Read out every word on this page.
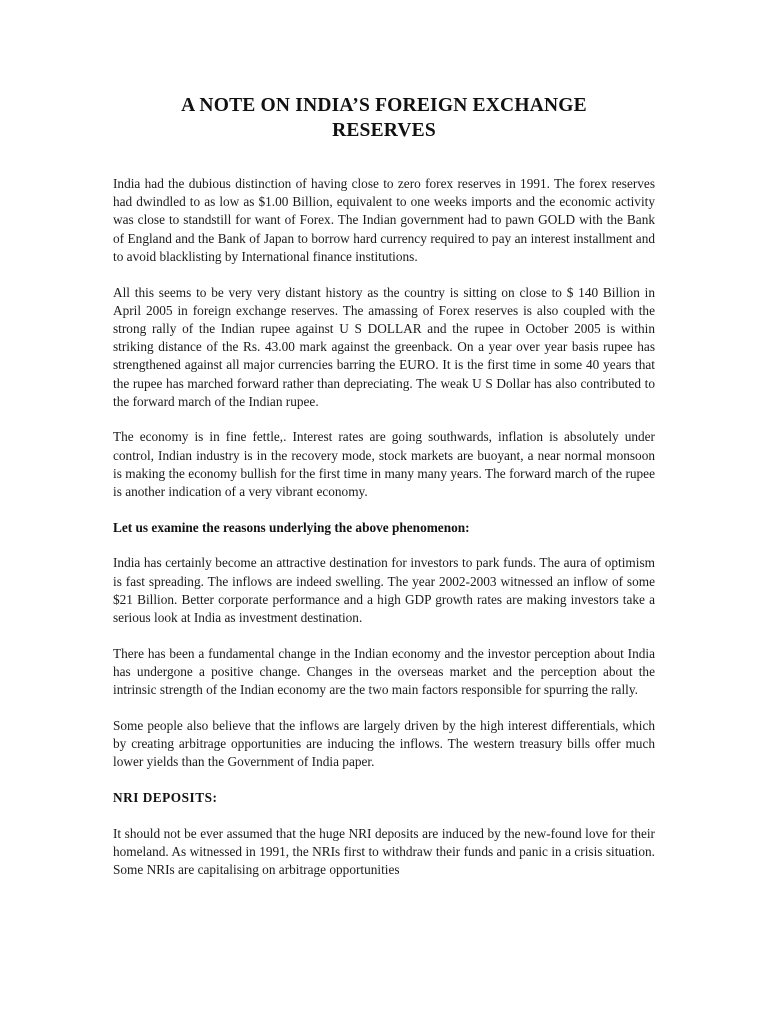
A NOTE ON INDIA’S FOREIGN EXCHANGE
RESERVES

India had the dubious distinction of having close to zero forex reserves in 1991. The forex reserves had dwindled to as low as $1.00 Billion, equivalent to one weeks imports and the economic activity was close to standstill for want of Forex. The Indian government had to pawn GOLD with the Bank of England and the Bank of Japan to borrow hard currency required to pay an interest installment and to avoid blacklisting by International finance institutions.

All this seems to be very very distant history as the country is sitting on close to $ 140 Billion in April 2005 in foreign exchange reserves. The amassing of Forex reserves is also coupled with the strong rally of the Indian rupee against U S DOLLAR and the rupee in October 2005 is within striking distance of the Rs. 43.00 mark against the greenback. On a year over year basis rupee has strengthened against all major currencies barring the EURO. It is the first time in some 40 years that the rupee has marched forward rather than depreciating. The weak U S Dollar has also contributed to the forward march of the Indian rupee.

The economy is in fine fettle,. Interest rates are going southwards, inflation is absolutely under control, Indian industry is in the recovery mode, stock markets are buoyant, a near normal monsoon is making the economy bullish for the first time in many many years. The forward march of the rupee is another indication of a very vibrant economy.

Let us examine the reasons underlying the above phenomenon:

India has certainly become an attractive destination for investors to park funds. The aura of optimism is fast spreading. The inflows are indeed swelling. The year 2002-2003 witnessed an inflow of some $21 Billion. Better corporate performance and a high GDP growth rates are making investors take a serious look at India as investment destination.

There has been a fundamental change in the Indian economy and the investor perception about India has undergone a positive change. Changes in the overseas market and the perception about the intrinsic strength of the Indian economy are the two main factors responsible for spurring the rally.

Some people also believe that the inflows are largely driven by the high interest differentials, which by creating arbitrage opportunities are inducing the inflows. The western treasury bills offer much lower yields than the Government of India paper.

NRI DEPOSITS:

It should not be ever assumed that the huge NRI deposits are induced by the new-found love for their homeland. As witnessed in 1991, the NRIs first to withdraw their funds and panic in a crisis situation. Some NRIs are capitalising on arbitrage opportunities
